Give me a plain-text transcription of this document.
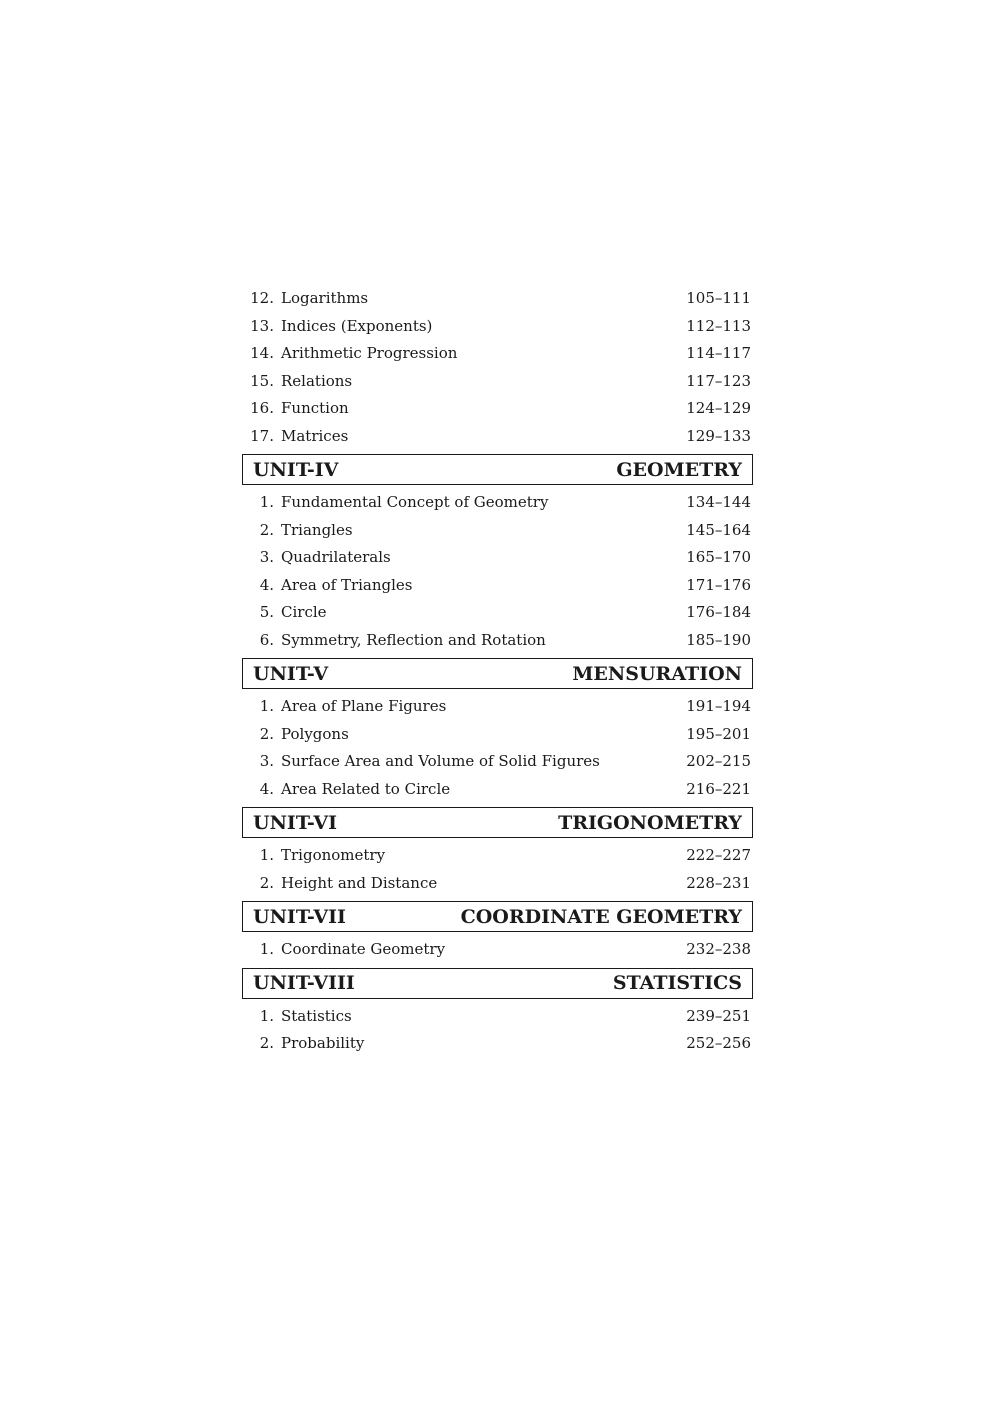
12. Logarithms	105–111
13. Indices (Exponents)	112–113
14. Arithmetic Progression	114–117
15. Relations	117–123
16. Function	124–129
17. Matrices	129–133
UNIT-IV	GEOMETRY
1. Fundamental Concept of Geometry	134–144
2. Triangles	145–164
3. Quadrilaterals	165–170
4. Area of Triangles	171–176
5. Circle	176–184
6. Symmetry, Reflection and Rotation	185–190
UNIT-V	MENSURATION
1. Area of Plane Figures	191–194
2. Polygons	195–201
3. Surface Area and Volume of Solid Figures	202–215
4. Area Related to Circle	216–221
UNIT-VI	TRIGONOMETRY
1. Trigonometry	222–227
2. Height and Distance	228–231
UNIT-VII	COORDINATE GEOMETRY
1. Coordinate Geometry	232–238
UNIT-VIII	STATISTICS
1. Statistics	239–251
2. Probability	252–256
